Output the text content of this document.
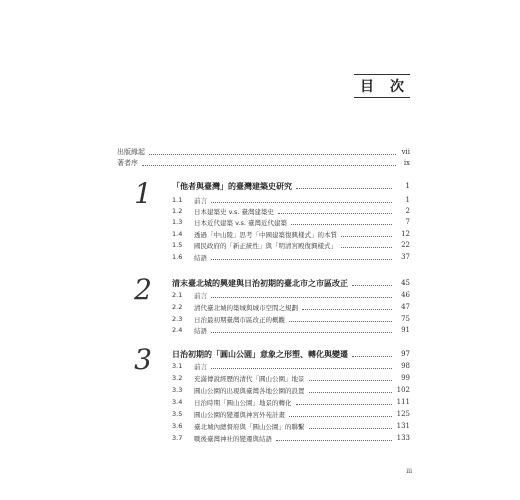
目 次
出版緣起	vii
著者序	ix
1	「他者與臺灣」的臺灣建築史研究	1
1.1	前言	1
1.2	日本建築史 v.s. 臺灣建築史	2
1.3	日本近代建築 v.s. 臺灣近代建築	7
1.4	透過「中山陵」思考「中國建築復興樣式」的本質	12
1.5	國民政府的「新正統性」與「明清宮殿復興樣式」	22
1.6	結語	37
2	清末臺北城的興建與日治初期的臺北市之市區改正	45
2.1	前言	46
2.2	清代臺北城的築城與城市空間之規劃	47
2.3	日治最初期臺灣市區改正的概觀	75
2.4	結語	91
3	日治初期的「圓山公園」意象之形塑、轉化與變遷	97
3.1	前言	98
3.2	充滿傳說經歷的清代「圓山公園」地景	99
3.3	圓山公園的出現與臺灣各地公園的設置	102
3.4	日治時期「圓山公園」地景的轉化	111
3.5	圓山公園的變遷與神宮外苑計畫	125
3.6	臺北城內總督府與「圓山公園」的聯繫	131
3.7	戰後臺灣神社的變遷與結語	133
iii
